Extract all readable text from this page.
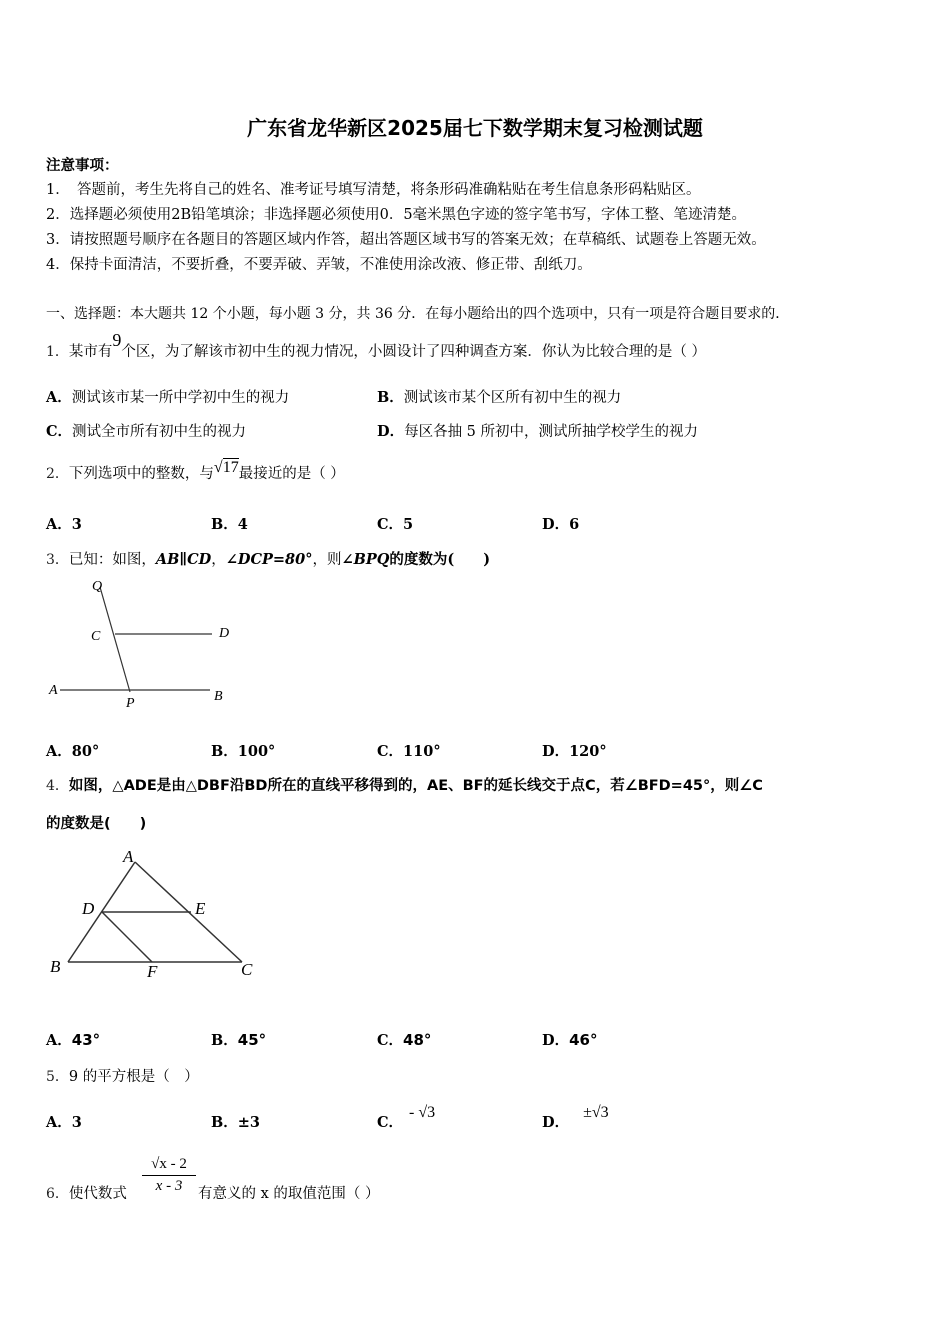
广东省龙华新区2025届七下数学期末复习检测试题
注意事项：
1．　答题前，考生先将自己的姓名、准考证号填写清楚，将条形码准确粘贴在考生信息条形码粘贴区。
2．选择题必须使用2B铅笔填涂；非选择题必须使用0．5毫米黑色字迹的签字笔书写，字体工整、笔迹清楚。
3．请按照题号顺序在各题目的答题区域内作答，超出答题区域书写的答案无效；在草稿纸、试题卷上答题无效。
4．保持卡面清洁，不要折叠，不要弄破、弄皱，不准使用涂改液、修正带、刮纸刀。
一、选择题：本大题共 12 个小题，每小题 3 分，共 36 分．在每小题给出的四个选项中，只有一项是符合题目要求的．
1．某市有9个区，为了解该市初中生的视力情况，小圆设计了四种调查方案．你认为比较合理的是（ ）
A．测试该市某一所中学初中生的视力	B．测试该市某个区所有初中生的视力
C．测试全市所有初中生的视力	D．每区各抽 5 所初中，测试所抽学校学生的视力
2．下列选项中的整数，与√17最接近的是（ ）
A．3	B．4	C．5	D．6
3．已知：如图，AB∥CD，∠DCP=80°，则∠BPQ的度数为(　　)
Q
C	D
A
P	B
A．80°	B．100°	C．110°	D．120°
4．如图，△ADE是由△DBF沿BD所在的直线平移得到的，AE、BF的延长线交于点C，若∠BFD=45°，则∠C
的度数是(　　)
A
D	E
B	F	C
A．43°	B．45°	C．48°	D．46°
5．9 的平方根是（　）
A．3	B．±3	C．- √3
D．±√3
6．使代数式 $\frac{√x - 2}{x - 3}$ 有意义的 x 的取值范围（ ）
